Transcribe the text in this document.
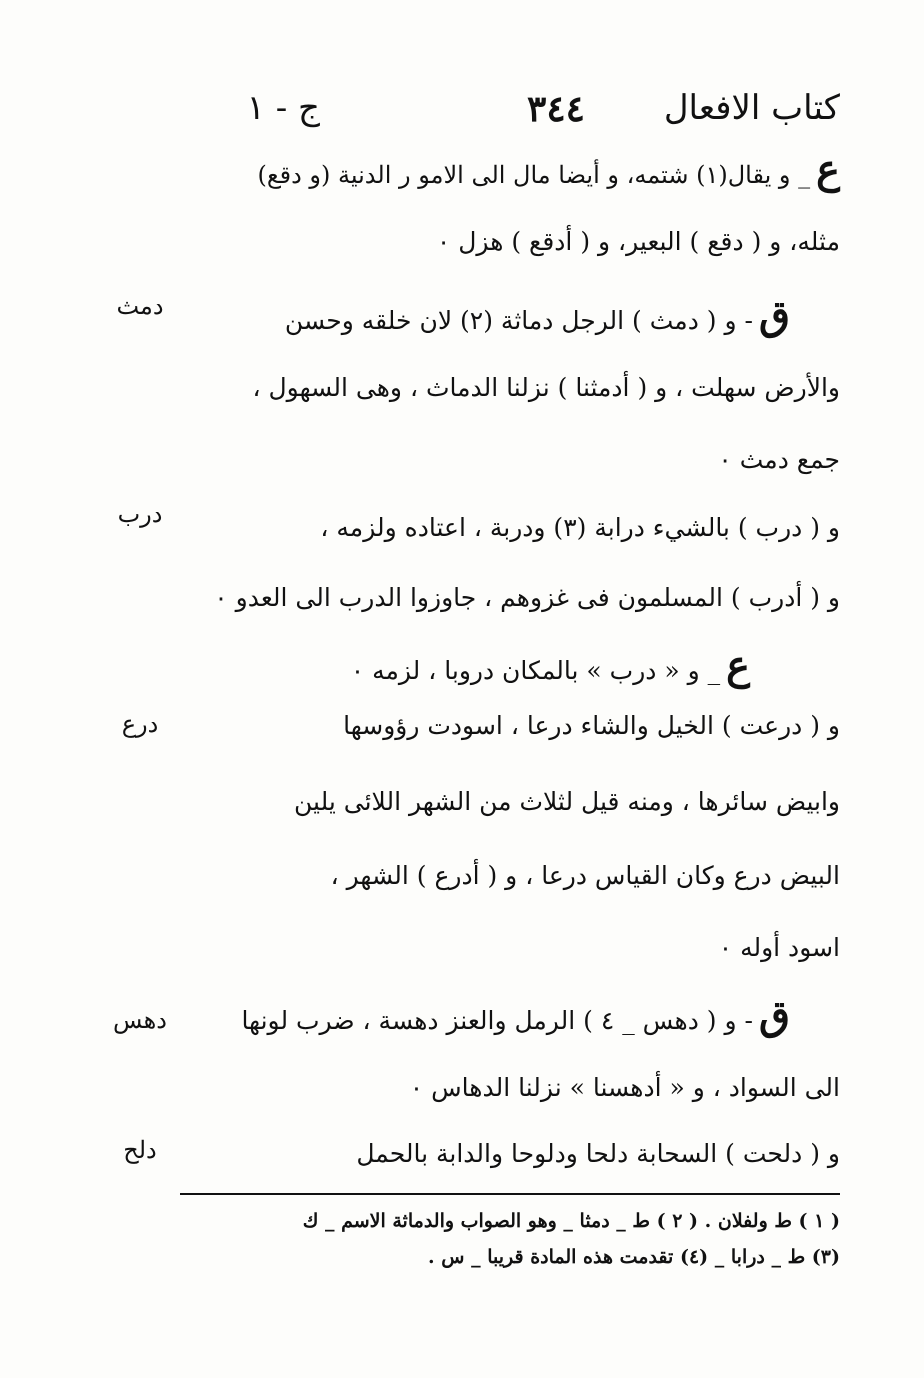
كتاب الافعال
٣٤٤
ج - ١
ع_ و يقال(١) شتمه، و أيضا مال الى الامو ر الدنية (و دقع)
مثله، و ( دقع ) البعير، و ( أدقع ) هزل ٠
ق- و ( دمث ) الرجل دماثة (٢) لان خلقه وحسن
والأرض سهلت ، و ( أدمثنا ) نزلنا الدماث ، وهى السهول ،
جمع دمث ٠
و ( درب ) بالشيء درابة (٣) ودربة ، اعتاده ولزمه ،
و ( أدرب ) المسلمون فى غزوهم ، جاوزوا الدرب الى العدو ٠
ع_ و « درب » بالمكان دروبا ، لزمه ٠
و ( درعت ) الخيل والشاء درعا ، اسودت رؤوسها
وابيض سائرها ، ومنه قيل لثلاث من الشهر اللائى يلين
البيض درع وكان القياس درعا ، و ( أدرع ) الشهر ،
اسود أوله ٠
ق- و ( دهس _ ٤ ) الرمل والعنز دهسة ، ضرب لونها
الى السواد ، و « أدهسنا » نزلنا الدهاس ٠
و ( دلحت ) السحابة دلحا ودلوحا والدابة بالحمل
دمث
درب
درع
دهس
دلح
( ١ ) ط ولفلان . ( ٢ ) ط _ دمثا _ وهو الصواب والدماثة الاسم _ ك
(٣) ط _ درابا _ (٤) تقدمت هذه المادة قريبا _ س .
